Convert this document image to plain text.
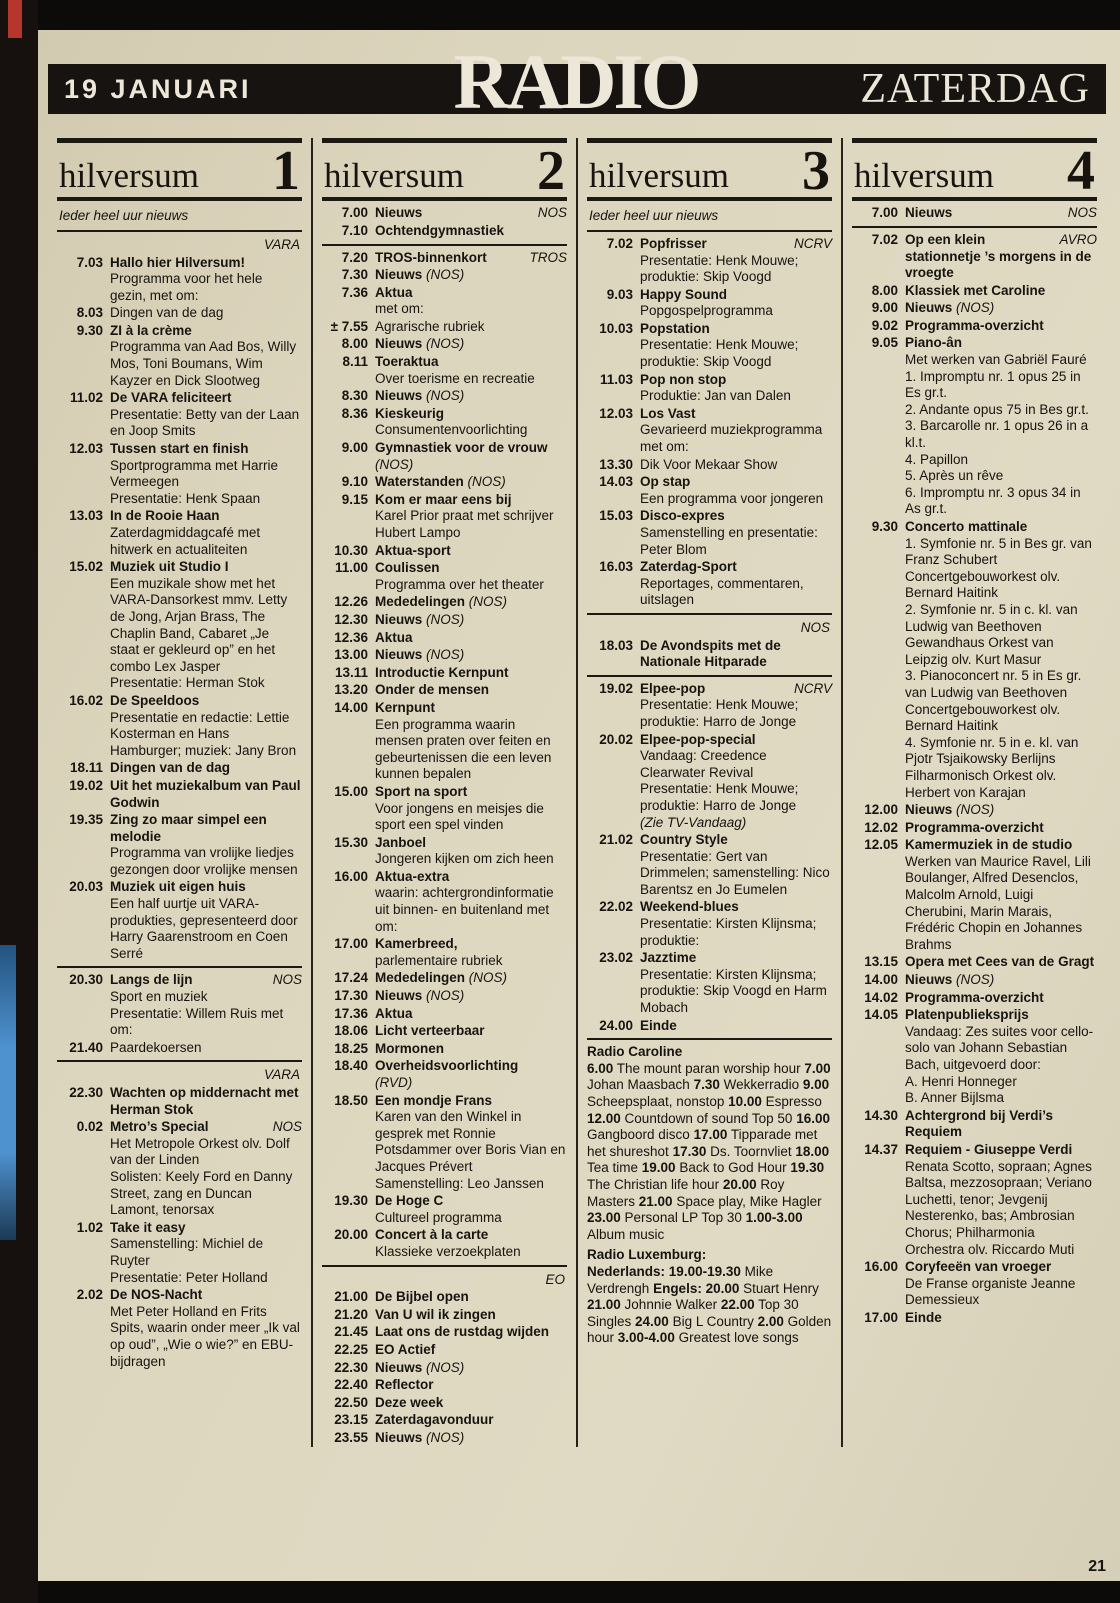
19 JANUARI	RADIO	ZATERDAG
hilversum 1
Ieder heel uur nieuws
VARA
7.03 Hallo hier Hilversum!
Programma voor het hele gezin, met om:
8.03 Dingen van de dag
9.30 ZI à la crème
Programma van Aad Bos, Willy Mos, Toni Boumans, Wim Kayzer en Dick Slootweg
11.02 De VARA feliciteert
Presentatie: Betty van der Laan en Joop Smits
12.03 Tussen start en finish
Sportprogramma met Harrie Vermeegen
Presentatie: Henk Spaan
13.03 In de Rooie Haan
Zaterdagmiddagcafé met hitwerk en actualiteiten
15.02 Muziek uit Studio I
Een muzikale show met het VARA-Dansorkest mmv. Letty de Jong, Arjan Brass, The Chaplin Band, Cabaret „Je staat er gekleurd op” en het combo Lex Jasper
Presentatie: Herman Stok
16.02 De Speeldoos
Presentatie en redactie: Lettie Kosterman en Hans Hamburger; muziek: Jany Bron
18.11 Dingen van de dag
19.02 Uit het muziekalbum van Paul Godwin
19.35 Zing zo maar simpel een melodie
Programma van vrolijke liedjes gezongen door vrolijke mensen
20.03 Muziek uit eigen huis
Een half uurtje uit VARA-produkties, gepresenteerd door Harry Gaarenstroom en Coen Serré
20.30	NOS
Langs de lijn
Sport en muziek
Presentatie: Willem Ruis met om:
21.40 Paardekoersen
VARA
22.30 Wachten op middernacht met Herman Stok
0.02	NOS
Metro’s Special
Het Metropole Orkest olv. Dolf van der Linden
Solisten: Keely Ford en Danny Street, zang en Duncan Lamont, tenorsax
1.02 Take it easy
Samenstelling: Michiel de Ruyter
Presentatie: Peter Holland
2.02 De NOS-Nacht
Met Peter Holland en Frits Spits, waarin onder meer „Ik val op oud”, „Wie o wie?” en EBU-bijdragen
hilversum 2
7.00	NOS
Nieuws
7.10 Ochtendgymnastiek
7.20	TROS
TROS-binnenkort
7.30 Nieuws (NOS)
7.36 Aktua
met om:
± 7.55 Agrarische rubriek
8.00 Nieuws (NOS)
8.11 Toeraktua
Over toerisme en recreatie
8.30 Nieuws (NOS)
8.36 Kieskeurig
Consumentenvoorlichting
9.00 Gymnastiek voor de vrouw (NOS)
9.10 Waterstanden (NOS)
9.15 Kom er maar eens bij
Karel Prior praat met schrijver Hubert Lampo
10.30 Aktua-sport
11.00 Coulissen
Programma over het theater
12.26 Mededelingen (NOS)
12.30 Nieuws (NOS)
12.36 Aktua
13.00 Nieuws (NOS)
13.11 Introductie Kernpunt
13.20 Onder de mensen
14.00 Kernpunt
Een programma waarin mensen praten over feiten en gebeurtenissen die een leven kunnen bepalen
15.00 Sport na sport
Voor jongens en meisjes die sport een spel vinden
15.30 Janboel
Jongeren kijken om zich heen
16.00 Aktua-extra
waarin: achtergrondinformatie uit binnen- en buitenland met om:
17.00 Kamerbreed,
parlementaire rubriek
17.24 Mededelingen (NOS)
17.30 Nieuws (NOS)
17.36 Aktua
18.06 Licht verteerbaar
18.25 Mormonen
18.40 Overheidsvoorlichting
(RVD)
18.50 Een mondje Frans
Karen van den Winkel in gesprek met Ronnie Potsdammer over Boris Vian en Jacques Prévert
Samenstelling: Leo Janssen
19.30 De Hoge C
Cultureel programma
20.00 Concert à la carte
Klassieke verzoekplaten
EO
21.00 De Bijbel open
21.20 Van U wil ik zingen
21.45 Laat ons de rustdag wijden
22.25 EO Actief
22.30 Nieuws (NOS)
22.40 Reflector
22.50 Deze week
23.15 Zaterdagavonduur
23.55 Nieuws (NOS)
hilversum 3
Ieder heel uur nieuws
7.02	NCRV
Popfrisser
Presentatie: Henk Mouwe; produktie: Skip Voogd
9.03 Happy Sound
Popgospelprogramma
10.03 Popstation
Presentatie: Henk Mouwe; produktie: Skip Voogd
11.03 Pop non stop
Produktie: Jan van Dalen
12.03 Los Vast
Gevarieerd muziekprogramma met om:
13.30 Dik Voor Mekaar Show
14.03 Op stap
Een programma voor jongeren
15.03 Disco-expres
Samenstelling en presentatie: Peter Blom
16.03 Zaterdag-Sport
Reportages, commentaren, uitslagen
NOS
18.03 De Avondspits met de Nationale Hitparade
19.02	NCRV
Elpee-pop
Presentatie: Henk Mouwe; produktie: Harro de Jonge
20.02 Elpee-pop-special
Vandaag: Creedence Clearwater Revival
Presentatie: Henk Mouwe; produktie: Harro de Jonge
(Zie TV-Vandaag)
21.02 Country Style
Presentatie: Gert van Drimmelen; samenstelling: Nico Barentsz en Jo Eumelen
22.02 Weekend-blues
Presentatie: Kirsten Klijnsma; produktie:
23.02 Jazztime
Presentatie: Kirsten Klijnsma; produktie: Skip Voogd en Harm Mobach
24.00 Einde
Radio Caroline
6.00 The mount paran worship hour 7.00 Johan Maasbach 7.30 Wekkerradio 9.00 Scheepsplaat, nonstop 10.00 Espresso 12.00 Countdown of sound Top 50 16.00 Gangboord disco 17.00 Tipparade met het shureshot 17.30 Ds. Toornvliet 18.00 Tea time 19.00 Back to God Hour 19.30 The Christian life hour 20.00 Roy Masters 21.00 Space play, Mike Hagler 23.00 Personal LP Top 30 1.00-3.00 Album music
Radio Luxemburg:
Nederlands: 19.00-19.30 Mike Verdrengh Engels: 20.00 Stuart Henry 21.00 Johnnie Walker 22.00 Top 30 Singles 24.00 Big L Country 2.00 Golden hour 3.00-4.00 Greatest love songs
hilversum 4
7.00	NOS
Nieuws
7.02	AVRO
Op een klein stationnetje ’s morgens in de vroegte
8.00 Klassiek met Caroline
9.00 Nieuws (NOS)
9.02 Programma-overzicht
9.05 Piano-ân
Met werken van Gabriël Fauré
1. Impromptu nr. 1 opus 25 in Es gr.t.
2. Andante opus 75 in Bes gr.t.
3. Barcarolle nr. 1 opus 26 in a kl.t.
4. Papillon
5. Après un rêve
6. Impromptu nr. 3 opus 34 in As gr.t.
9.30 Concerto mattinale
1. Symfonie nr. 5 in Bes gr. van Franz Schubert Concertgebouworkest olv. Bernard Haitink
2. Symfonie nr. 5 in c. kl. van Ludwig van Beethoven Gewandhaus Orkest van Leipzig olv. Kurt Masur
3. Pianoconcert nr. 5 in Es gr. van Ludwig van Beethoven Concertgebouworkest olv. Bernard Haitink
4. Symfonie nr. 5 in e. kl. van Pjotr Tsjaikowsky Berlijns Filharmonisch Orkest olv. Herbert von Karajan
12.00 Nieuws (NOS)
12.02 Programma-overzicht
12.05 Kamermuziek in de studio
Werken van Maurice Ravel, Lili Boulanger, Alfred Desenclos, Malcolm Arnold, Luigi Cherubini, Marin Marais, Frédéric Chopin en Johannes Brahms
13.15 Opera met Cees van de Gragt
14.00 Nieuws (NOS)
14.02 Programma-overzicht
14.05 Platenpublieksprijs
Vandaag: Zes suites voor cello-solo van Johann Sebastian Bach, uitgevoerd door:
A. Henri Honneger
B. Anner Bijlsma
14.30 Achtergrond bij Verdi’s Requiem
14.37 Requiem - Giuseppe Verdi
Renata Scotto, sopraan; Agnes Baltsa, mezzosopraan; Veriano Luchetti, tenor; Jevgenij Nesterenko, bas; Ambrosian Chorus; Philharmonia Orchestra olv. Riccardo Muti
16.00 Coryfeeën van vroeger
De Franse organiste Jeanne Demessieux
17.00 Einde
21
